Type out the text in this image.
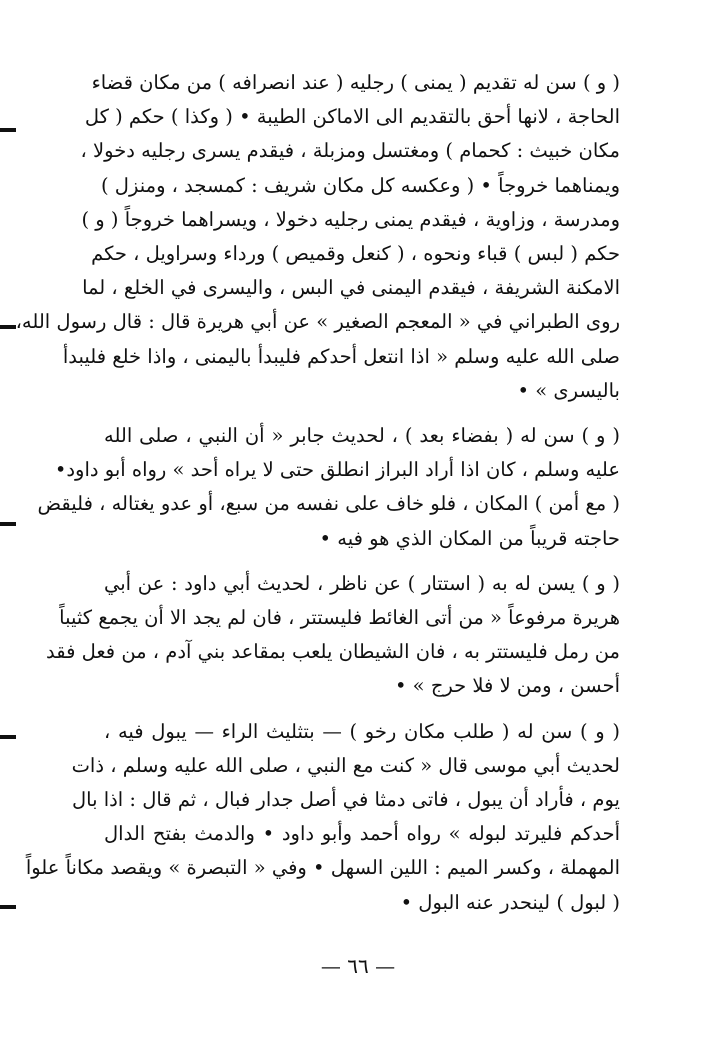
( و ) سن له تقديم ( يمنى ) رجليه ( عند انصرافه ) من مكان قضاء
الحاجة ، لانها أحق بالتقديم الى الاماكن الطيبة • ( وكذا ) حكم ( كل
مكان خبيث : كحمام ) ومغتسل ومزبلة ، فيقدم يسرى رجليه دخولا ،
ويمناهما خروجاً • ( وعكسه كل مكان شريف : كمسجد ، ومنزل )
ومدرسة ، وزاوية ، فيقدم يمنى رجليه دخولا ، ويسراهما خروجاً ( و )
حكم ( لبس ) قباء ونحوه ، ( كنعل وقميص ) ورداء وسراويل ، حكم
الامكنة الشريفة ، فيقدم اليمنى في البس ، واليسرى في الخلع ، لما
روى الطبراني في « المعجم الصغير » عن أبي هريرة قال : قال رسول الله،
صلى الله عليه وسلم « اذا انتعل أحدكم فليبدأ باليمنى ، واذا خلع فليبدأ
باليسرى » •
( و ) سن له ( بفضاء بعد ) ، لحديث جابر « أن النبي ، صلى الله
عليه وسلم ، كان اذا أراد البراز انطلق حتى لا يراه أحد » رواه أبو داود•
( مع أمن ) المكان ، فلو خاف على نفسه من سبع، أو عدو يغتاله ، فليقض
حاجته قريباً من المكان الذي هو فيه •
( و ) يسن له به ( استتار ) عن ناظر ، لحديث أبي داود : عن أبي
هريرة مرفوعاً « من أتى الغائط فليستتر ، فان لم يجد الا أن يجمع كثيباً
من رمل فليستتر به ، فان الشيطان يلعب بمقاعد بني آدم ، من فعل فقد
أحسن ، ومن لا فلا حرج » •
( و ) سن له ( طلب مكان رخو ) — بتثليث الراء — يبول فيه ،
لحديث أبي موسى قال « كنت مع النبي ، صلى الله عليه وسلم ، ذات
يوم ، فأراد أن يبول ، فاتى دمثا في أصل جدار فبال ، ثم قال : اذا بال
أحدكم فليرتد لبوله » رواه أحمد وأبو داود • والدمث بفتح الدال
المهملة ، وكسر الميم : اللين السهل • وفي « التبصرة » ويقصد مكاناً علواً
( لبول ) لينحدر عنه البول •
— ٦٦ —
